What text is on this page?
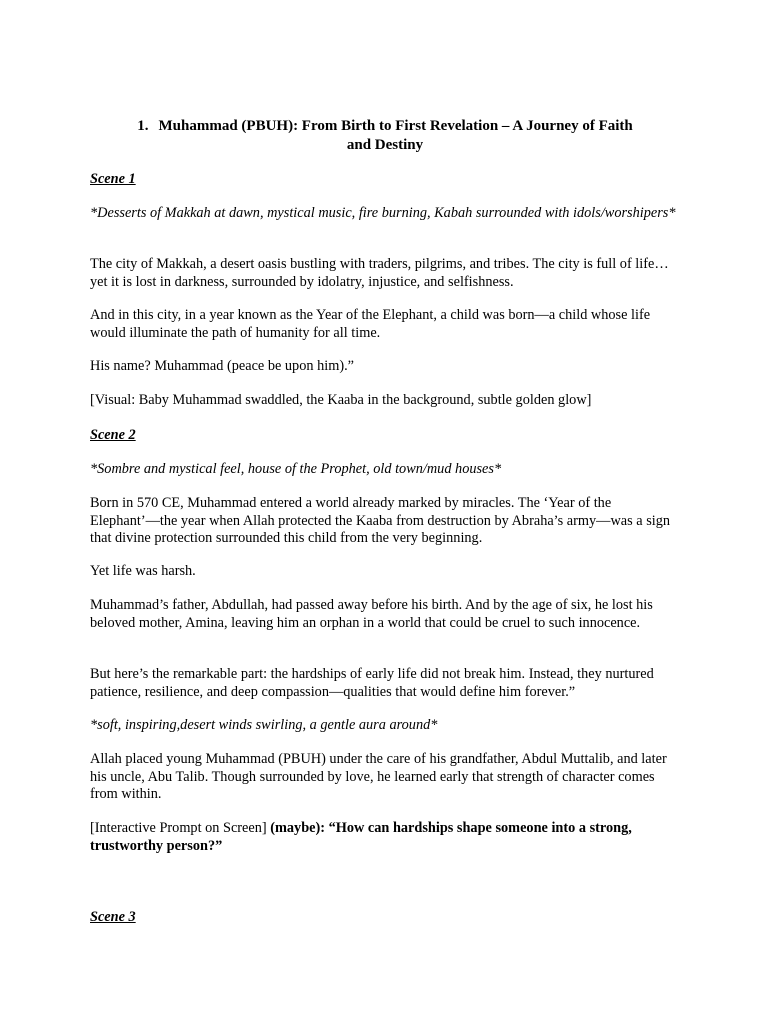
1. Muhammad (PBUH): From Birth to First Revelation – A Journey of Faith
and Destiny

Scene 1

*Desserts of Makkah at dawn, mystical music, fire burning, Kabah surrounded with idols/worshipers*

The city of Makkah, a desert oasis bustling with traders, pilgrims, and tribes. The city is full of life… yet it is lost in darkness, surrounded by idolatry, injustice, and selfishness.

And in this city, in a year known as the Year of the Elephant, a child was born—a child whose life would illuminate the path of humanity for all time.

His name? Muhammad (peace be upon him).”

[Visual: Baby Muhammad swaddled, the Kaaba in the background, subtle golden glow]

Scene 2

*Sombre and mystical feel, house of the Prophet, old town/mud houses*

Born in 570 CE, Muhammad entered a world already marked by miracles. The ‘Year of the Elephant’—the year when Allah protected the Kaaba from destruction by Abraha’s army—was a sign that divine protection surrounded this child from the very beginning.

Yet life was harsh.

Muhammad’s father, Abdullah, had passed away before his birth. And by the age of six, he lost his beloved mother, Amina, leaving him an orphan in a world that could be cruel to such innocence.

But here’s the remarkable part: the hardships of early life did not break him. Instead, they nurtured patience, resilience, and deep compassion—qualities that would define him forever.”

*soft, inspiring,desert winds swirling, a gentle aura around*

Allah placed young Muhammad (PBUH) under the care of his grandfather, Abdul Muttalib, and later his uncle, Abu Talib. Though surrounded by love, he learned early that strength of character comes from within.

[Interactive Prompt on Screen] (maybe): “How can hardships shape someone into a strong, trustworthy person?”

Scene 3
